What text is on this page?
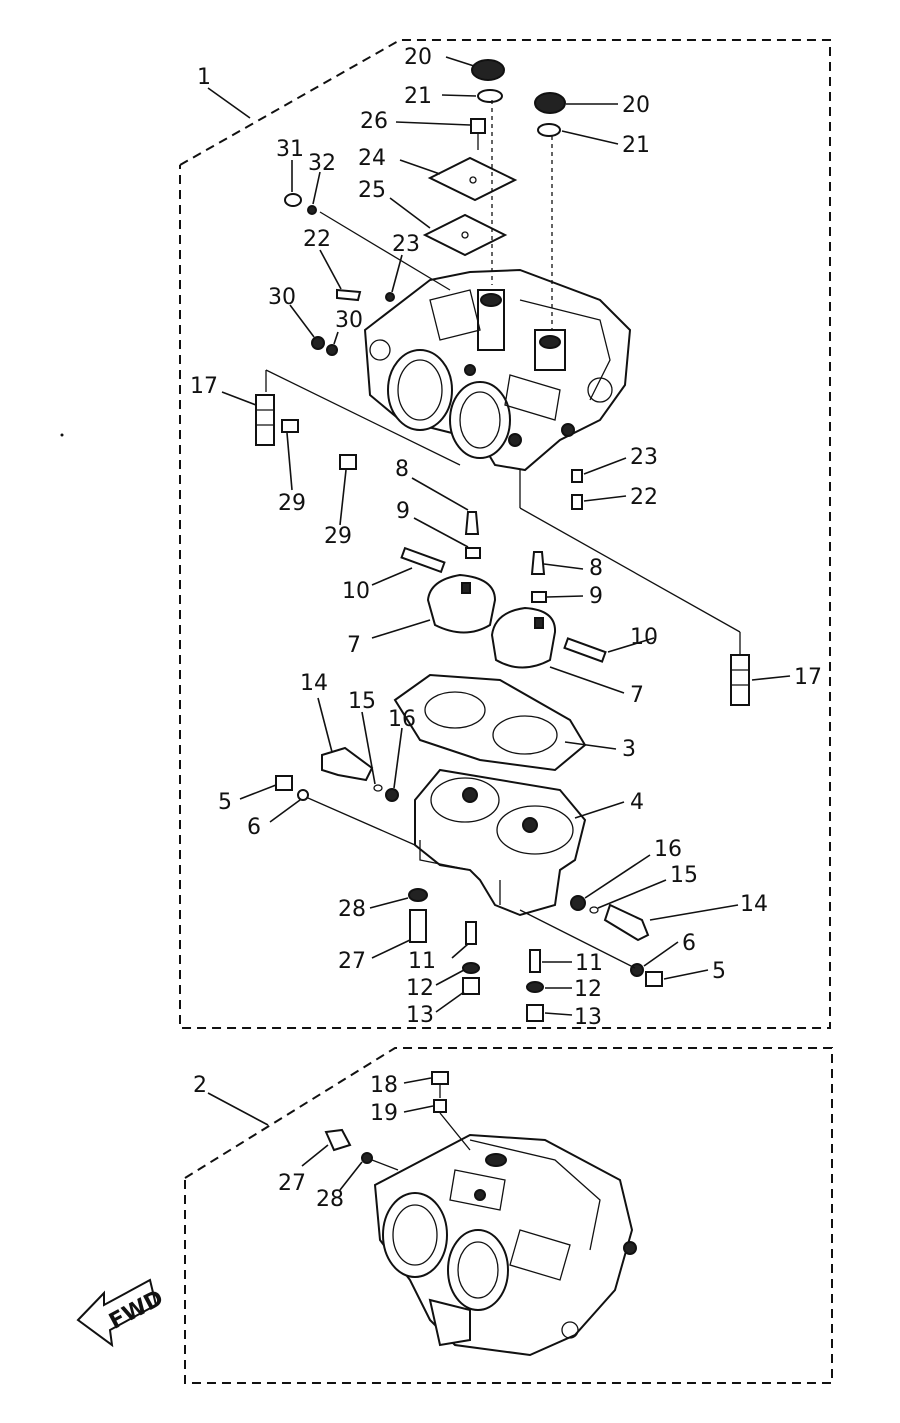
FWD
1
2
20
21	20
21
26
24
25
31
32
22	23
30
30
17
29
29
23
22
8
9
10
7
8
9
10
7
17
14
15
16
3
4
5
6
16
15
14
28
27 11
12
13
11
12
13
6
5
18
19
27
28
